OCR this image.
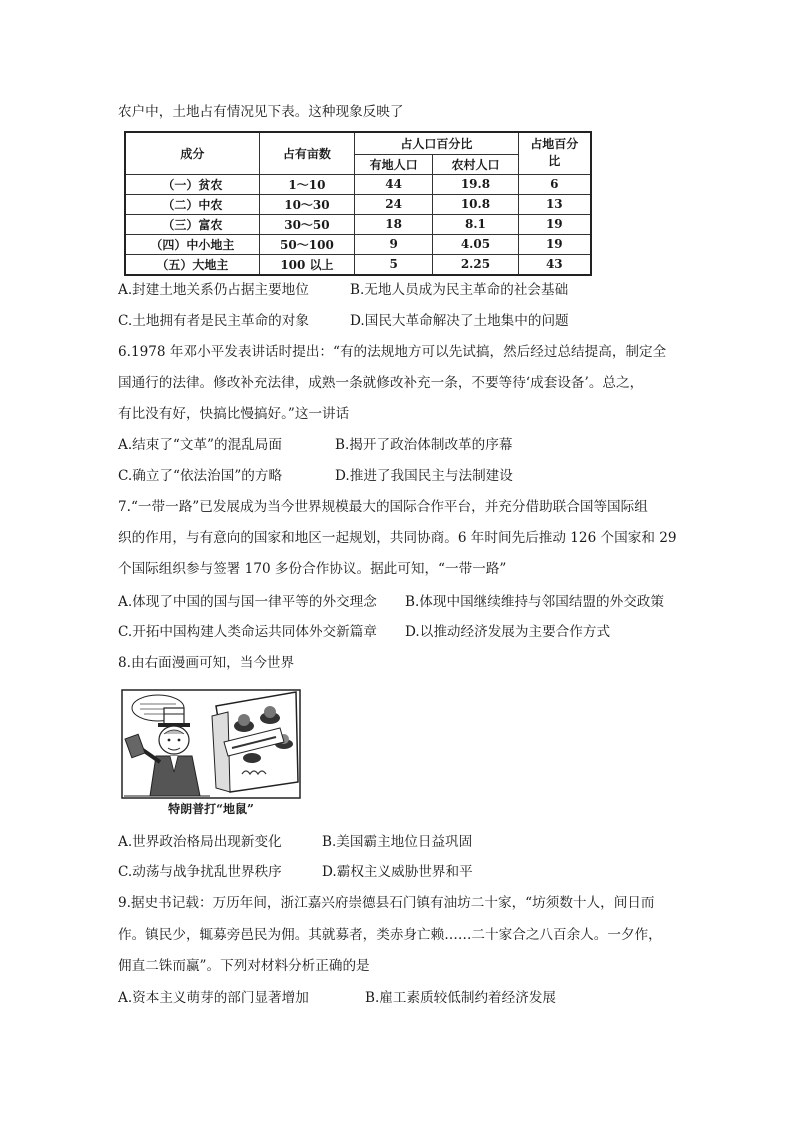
农户中，土地占有情况见下表。这种现象反映了
成分	占有亩数	占人口百分比		占地百分
比
		有地人口	农村人口	
（一）贫农	1～10	44	19.8	6
（二）中农	10～30	24	10.8	13
（三）富农	30～50	18	8.1	19
（四）中小地主	50～100	9	4.05	19
（五）大地主	100 以上	5	2.25	43
A.封建土地关系仍占据主要地位	B.无地人员成为民主革命的社会基础
C.土地拥有者是民主革命的对象	D.国民大革命解决了土地集中的问题
6.1978 年邓小平发表讲话时提出：“有的法规地方可以先试搞，然后经过总结提高，制定全
国通行的法律。修改补充法律，成熟一条就修改补充一条，不要等待‘成套设备’。总之，
有比没有好，快搞比慢搞好。”这一讲话
A.结束了“文革”的混乱局面	B.揭开了政治体制改革的序幕
C.确立了“依法治国”的方略	D.推进了我国民主与法制建设
7.“一带一路”已发展成为当今世界规模最大的国际合作平台，并充分借助联合国等国际组
织的作用，与有意向的国家和地区一起规划，共同协商。6 年时间先后推动 126 个国家和 29
个国际组织参与签署 170 多份合作协议。据此可知，“一带一路”
A.体现了中国的国与国一律平等的外交理念 B.体现中国继续维持与邻国结盟的外交政策
C.开拓中国构建人类命运共同体外交新篇章 D.以推动经济发展为主要合作方式
8.由右面漫画可知，当今世界
特朗普打“地鼠”
A.世界政治格局出现新变化	B.美国霸主地位日益巩固
C.动荡与战争扰乱世界秩序	D.霸权主义威胁世界和平
9.据史书记载：万历年间，浙江嘉兴府崇德县石门镇有油坊二十家，“坊须数十人，间日而
作。镇民少，辄募旁邑民为佣。其就募者，类赤身亡赖……二十家合之八百余人。一夕作，
佣直二铢而赢”。下列对材料分析正确的是
A.资本主义萌芽的部门显著增加	B.雇工素质较低制约着经济发展
